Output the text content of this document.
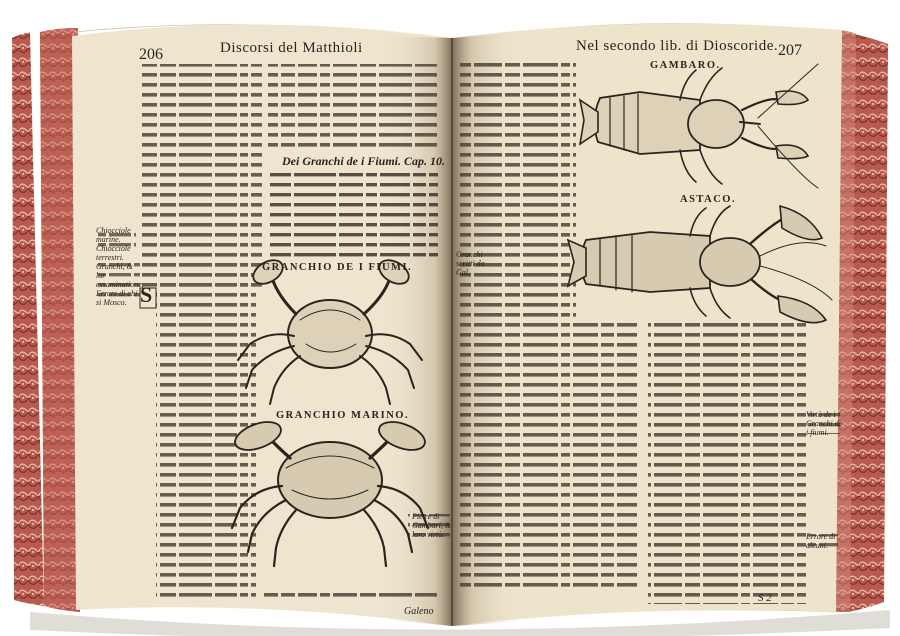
206	Discorsi del Matthioli
Dei Granchi de i Fiumi. Cap. 10.
GRANCHIO DE I FIUMI.
GRANCHIO MARINO.
S
Chiocciole marine. Chiocciole terrestri.
Granchi, & lor essaminatione. Errore di chi si Mosco.
Granchi scritti da Gal.
Galeno
Nel secondo lib. di Dioscoride. 207
GAMBARO.
ASTACO.
Virtù de i Granchi de i fiumi.
Errore di alcuni.
Pietre di Gambari, & loro virtù.
S 2
